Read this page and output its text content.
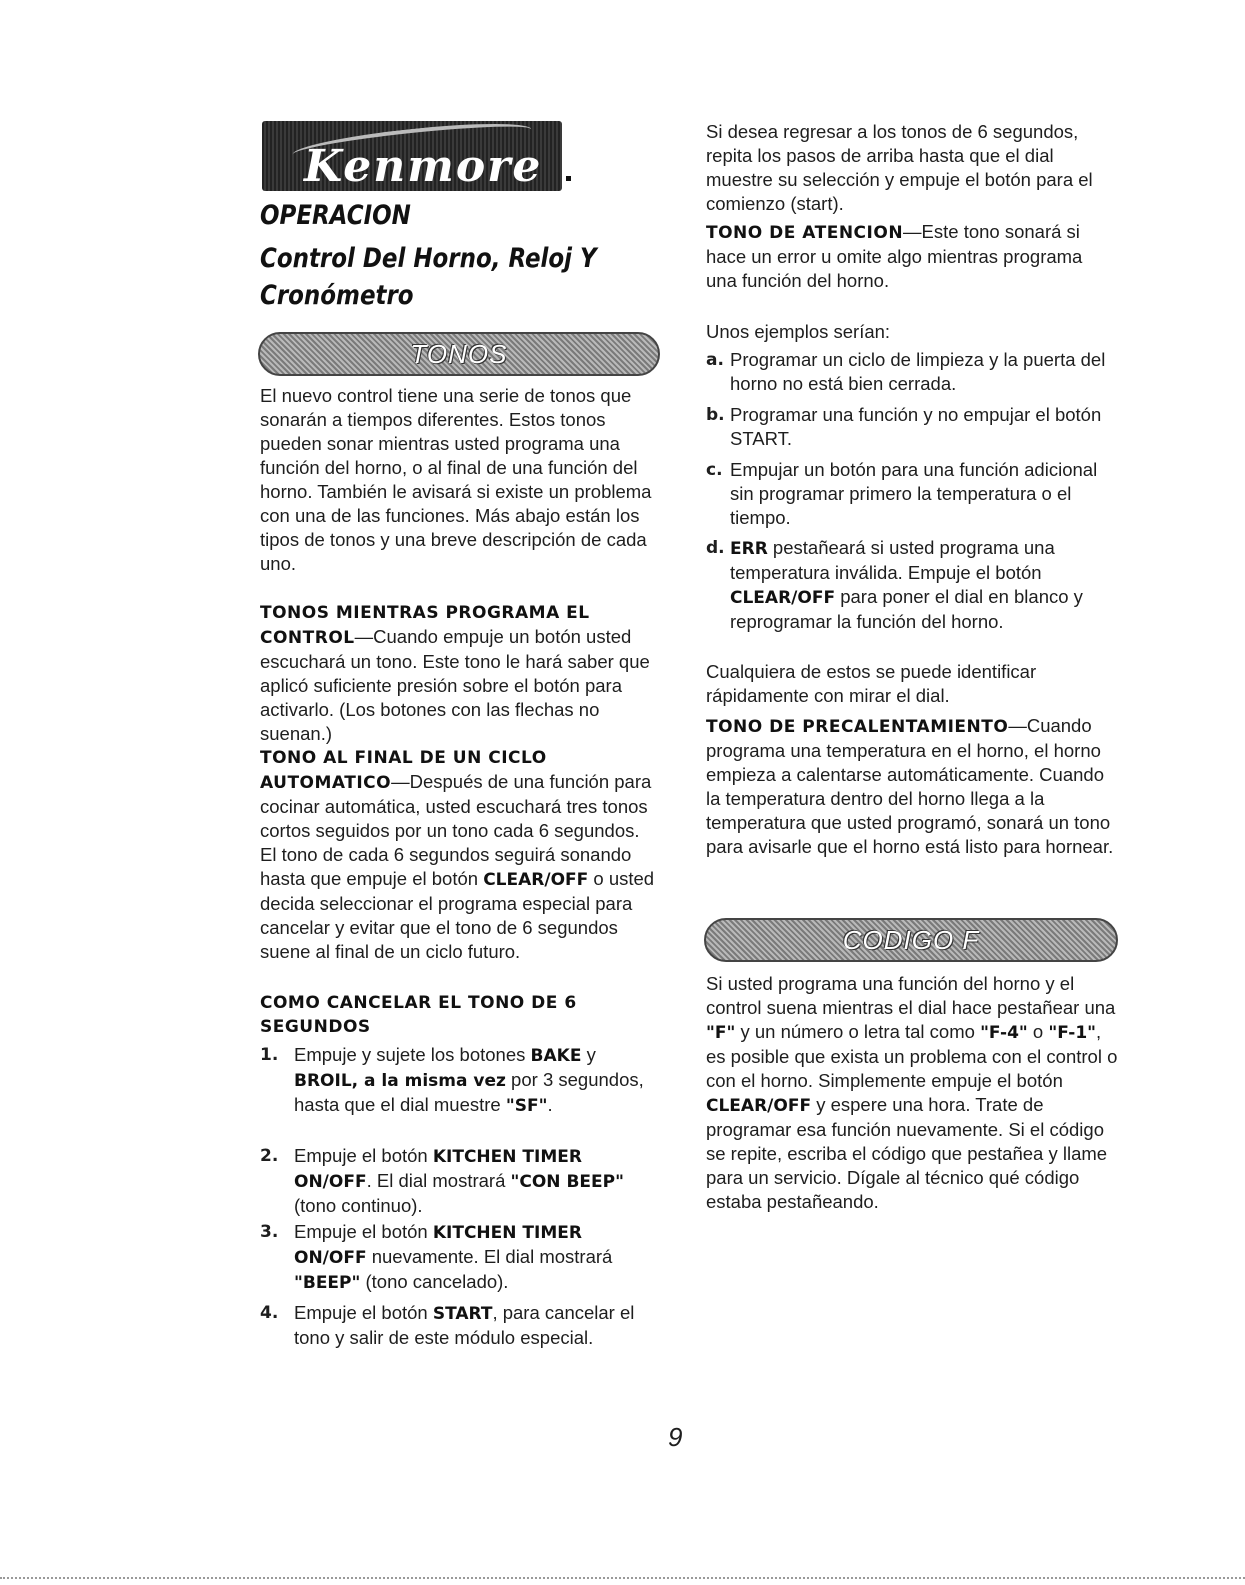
Kenmore
OPERACION
Control Del Horno, Reloj Y Cronómetro
TONOS

El nuevo control tiene una serie de tonos que sonarán a tiempos diferentes. Estos tonos pueden sonar mientras usted programa una función del horno, o al final de una función del horno. También le avisará si existe un problema con una de las funciones. Más abajo están los tipos de tonos y una breve descripción de cada uno.

TONOS MIENTRAS PROGRAMA EL CONTROL—Cuando empuje un botón usted escuchará un tono. Este tono le hará saber que aplicó suficiente presión sobre el botón para activarlo. (Los botones con las flechas no suenan.)

TONO AL FINAL DE UN CICLO AUTOMATICO—Después de una función para cocinar automática, usted escuchará tres tonos cortos seguidos por un tono cada 6 segundos. El tono de cada 6 segundos seguirá sonando hasta que empuje el botón CLEAR/OFF o usted decida seleccionar el programa especial para cancelar y evitar que el tono de 6 segundos suene al final de un ciclo futuro.

COMO CANCELAR EL TONO DE 6 SEGUNDOS

1. Empuje y sujete los botones BAKE y BROIL, a la misma vez por 3 segundos, hasta que el dial muestre "SF".
2. Empuje el botón KITCHEN TIMER ON/OFF. El dial mostrará "CON BEEP" (tono continuo).
3. Empuje el botón KITCHEN TIMER ON/OFF nuevamente. El dial mostrará "BEEP" (tono cancelado).
4. Empuje el botón START, para cancelar el tono y salir de este módulo especial.

Si desea regresar a los tonos de 6 segundos, repita los pasos de arriba hasta que el dial muestre su selección y empuje el botón para el comienzo (start).

TONO DE ATENCION—Este tono sonará si hace un error u omite algo mientras programa una función del horno.

Unos ejemplos serían:

a. Programar un ciclo de limpieza y la puerta del horno no está bien cerrada.
b. Programar una función y no empujar el botón START.
c. Empujar un botón para una función adicional sin programar primero la temperatura o el tiempo.
d. ERR pestañeará si usted programa una temperatura inválida. Empuje el botón CLEAR/OFF para poner el dial en blanco y reprogramar la función del horno.

Cualquiera de estos se puede identificar rápidamente con mirar el dial.

TONO DE PRECALENTAMIENTO—Cuando programa una temperatura en el horno, el horno empieza a calentarse automáticamente. Cuando la temperatura dentro del horno llega a la temperatura que usted programó, sonará un tono para avisarle que el horno está listo para hornear.

CODIGO F

Si usted programa una función del horno y el control suena mientras el dial hace pestañear una "F" y un número o letra tal como "F-4" o "F-1", es posible que exista un problema con el control o con el horno. Simplemente empuje el botón CLEAR/OFF y espere una hora. Trate de programar esa función nuevamente. Si el código se repite, escriba el código que pestañea y llame para un servicio. Dígale al técnico qué código estaba pestañeando.

9
